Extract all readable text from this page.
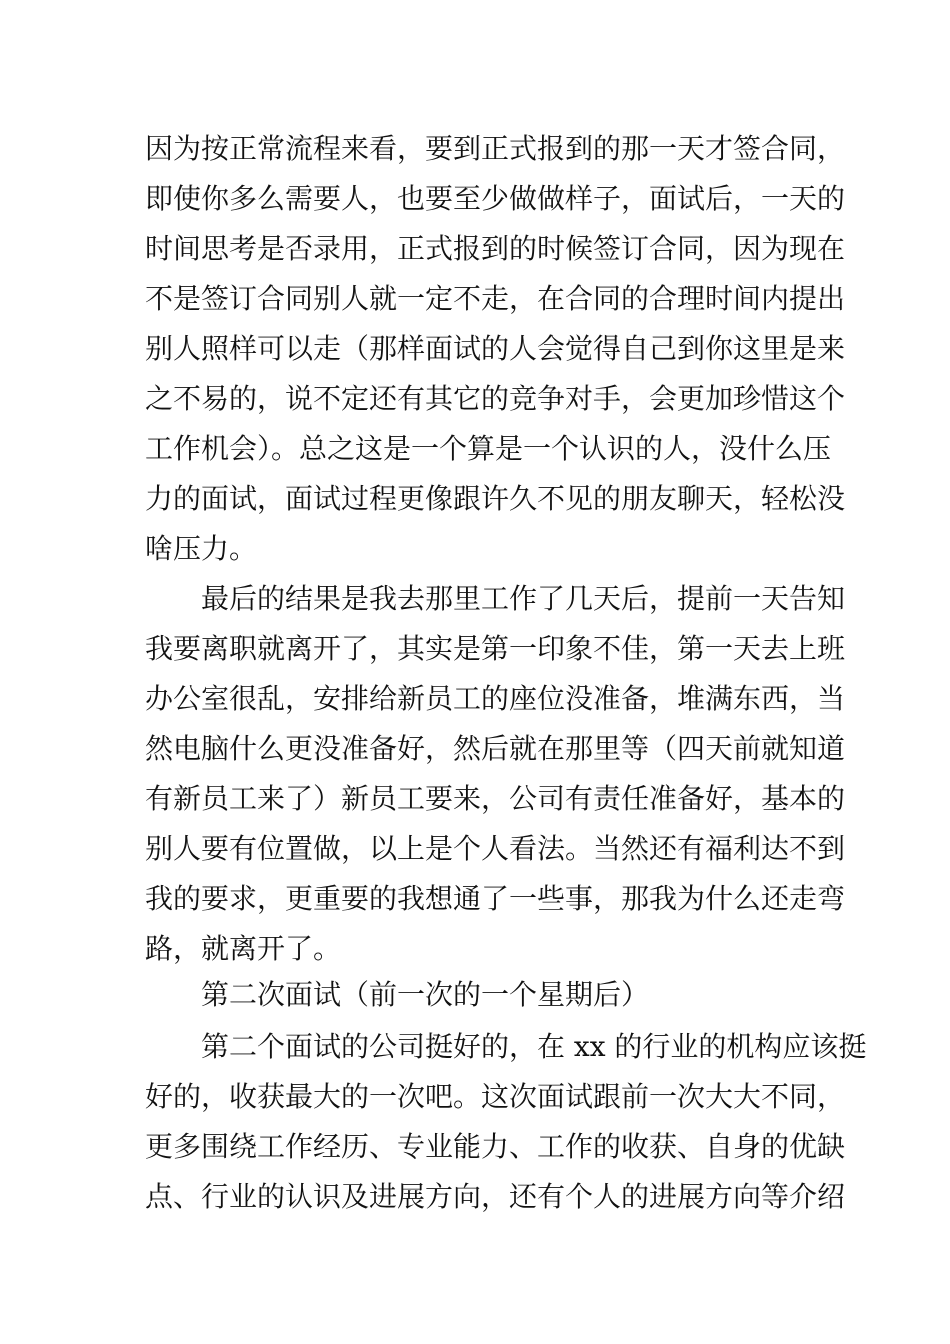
因为按正常流程来看，要到正式报到的那一天才签合同，
即使你多么需要人，也要至少做做样子，面试后，一天的
时间思考是否录用，正式报到的时候签订合同，因为现在
不是签订合同别人就一定不走，在合同的合理时间内提出
别人照样可以走（那样面试的人会觉得自己到你这里是来
之不易的，说不定还有其它的竞争对手，会更加珍惜这个
工作机会）。总之这是一个算是一个认识的人，没什么压
力的面试，面试过程更像跟许久不见的朋友聊天，轻松没
啥压力。
最后的结果是我去那里工作了几天后，提前一天告知
我要离职就离开了，其实是第一印象不佳，第一天去上班
办公室很乱，安排给新员工的座位没准备，堆满东西，当
然电脑什么更没准备好，然后就在那里等（四天前就知道
有新员工来了）新员工要来，公司有责任准备好，基本的
别人要有位置做，以上是个人看法。当然还有福利达不到
我的要求，更重要的我想通了一些事，那我为什么还走弯
路，就离开了。
第二次面试（前一次的一个星期后）
第二个面试的公司挺好的，在 xx 的行业的机构应该挺
好的，收获最大的一次吧。这次面试跟前一次大大不同，
更多围绕工作经历、专业能力、工作的收获、自身的优缺
点、行业的认识及进展方向，还有个人的进展方向等介绍
